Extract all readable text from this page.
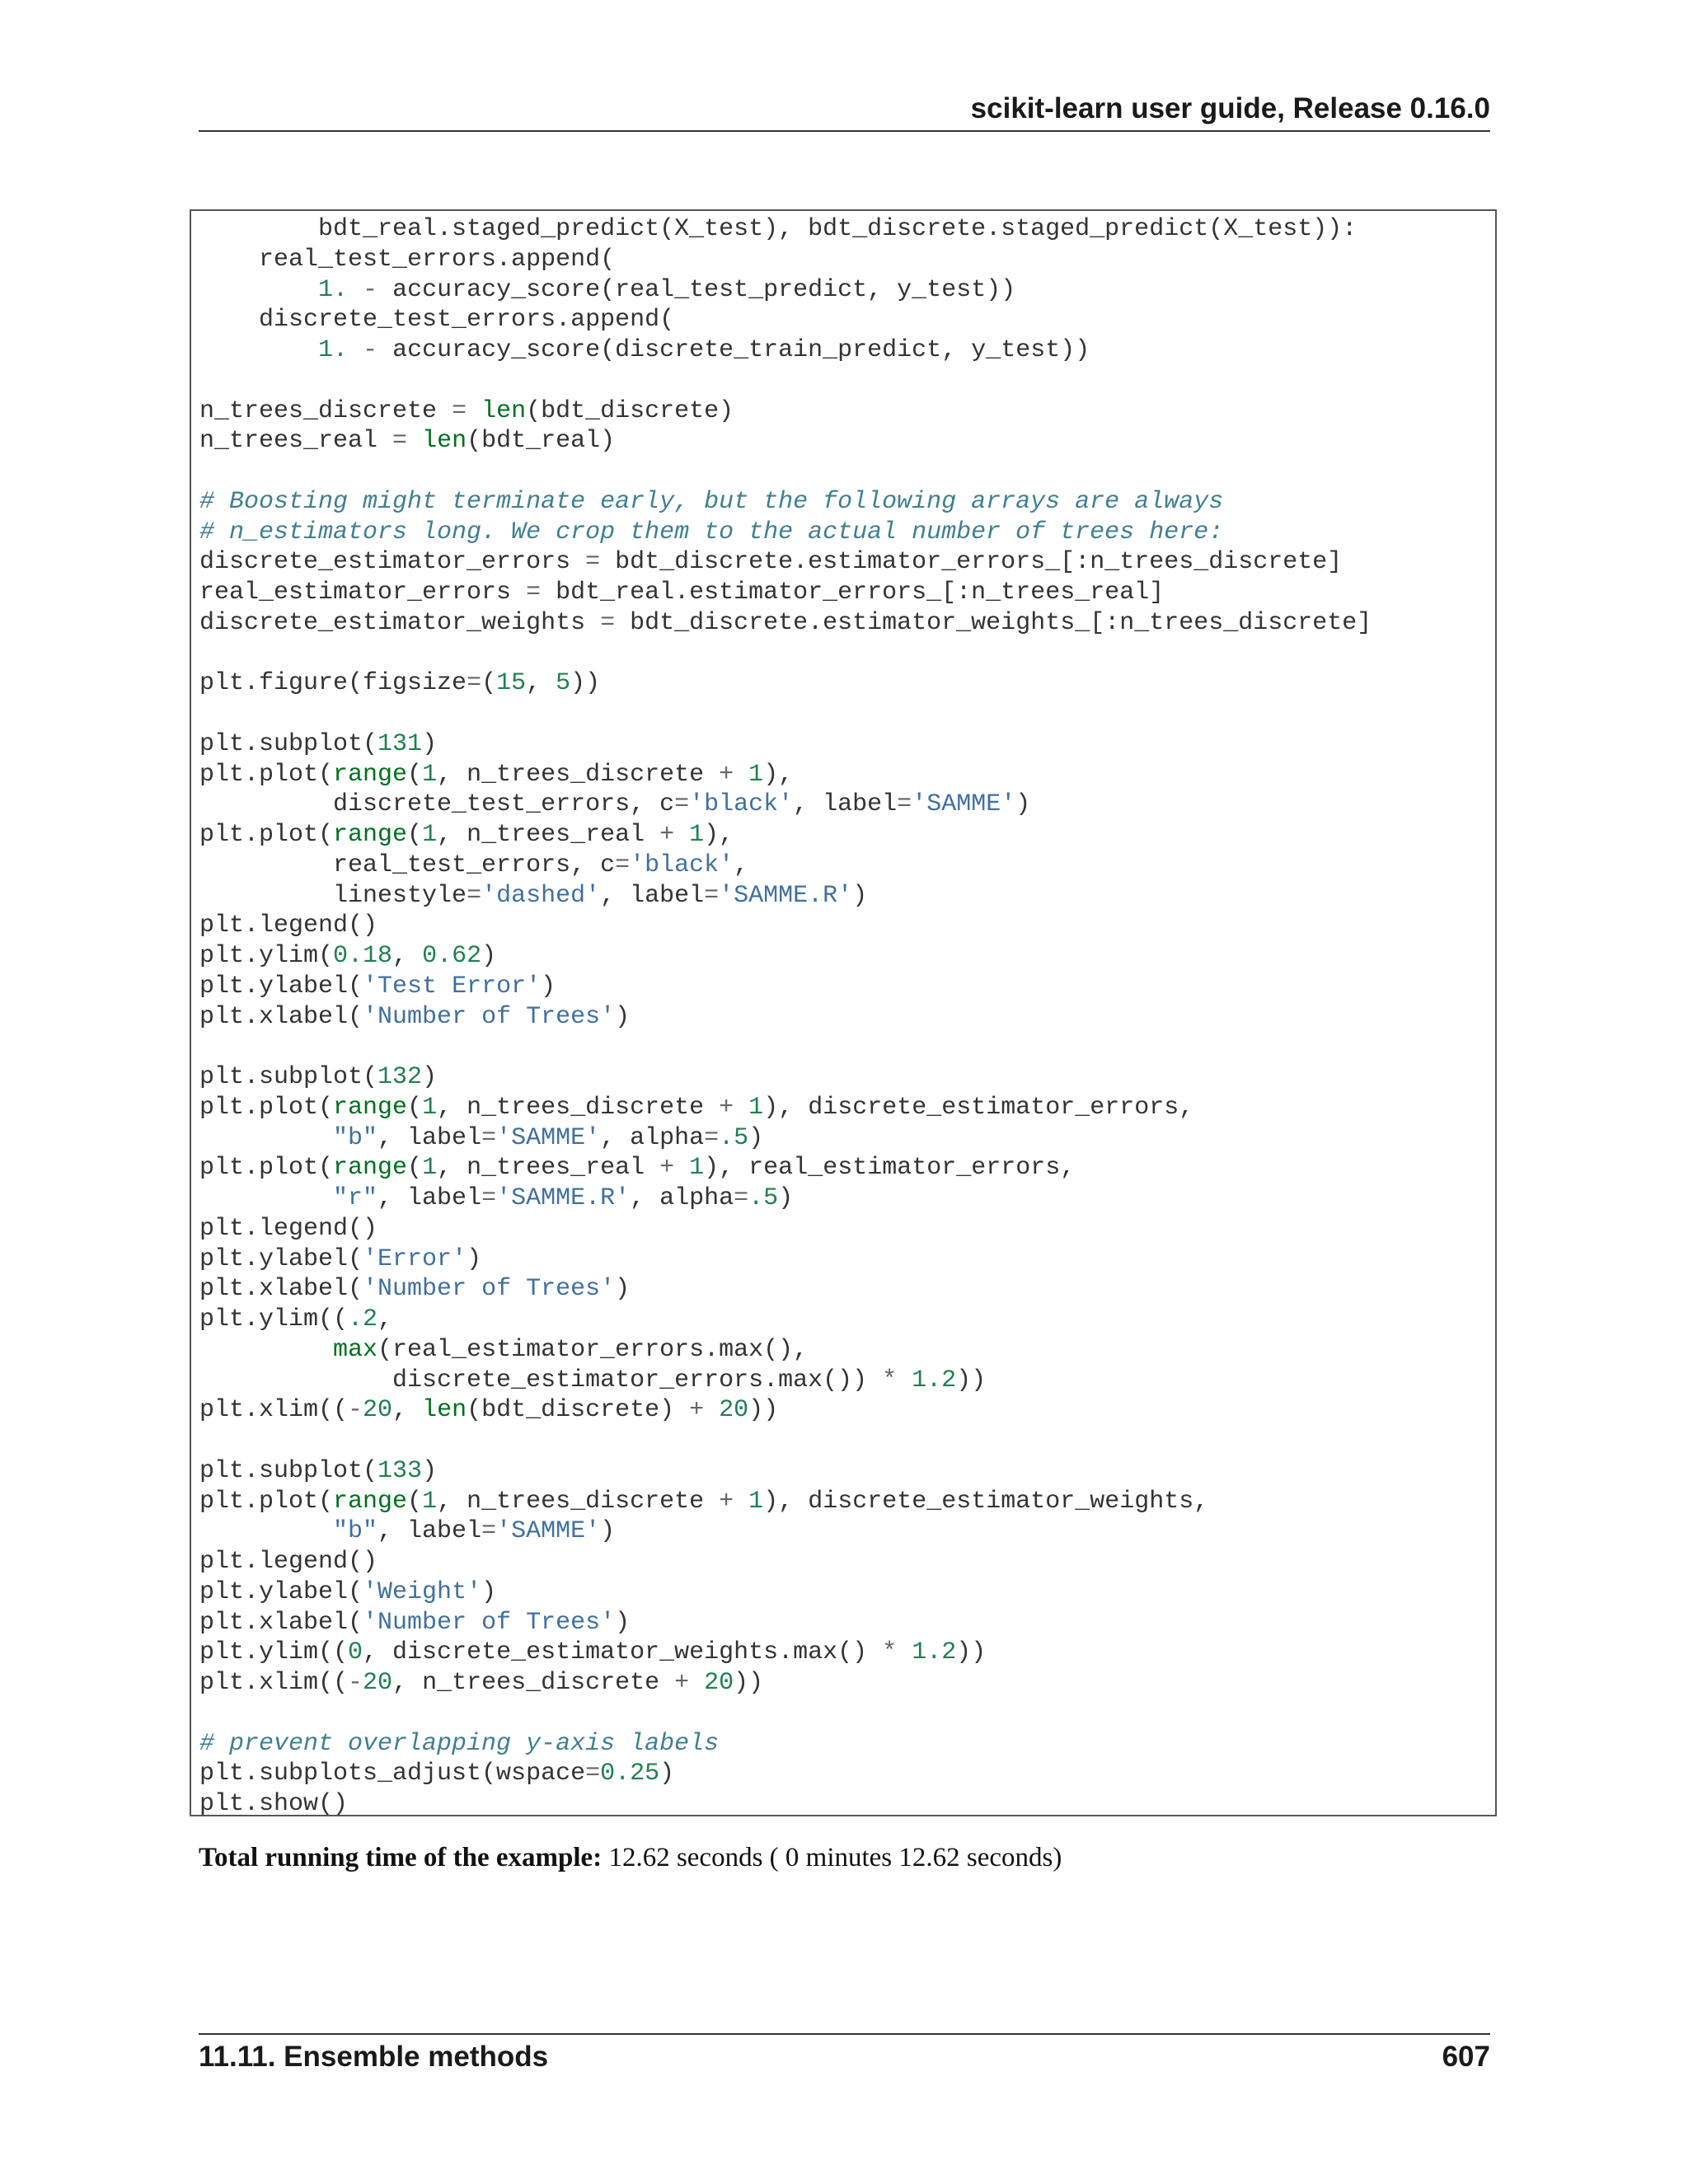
scikit-learn user guide, Release 0.16.0
bdt_real.staged_predict(X_test), bdt_discrete.staged_predict(X_test)):
real_test_errors.append(
1. - accuracy_score(real_test_predict, y_test))
discrete_test_errors.append(
1. - accuracy_score(discrete_train_predict, y_test))
n_trees_discrete = len(bdt_discrete)
n_trees_real = len(bdt_real)
# Boosting might terminate early, but the following arrays are always
# n_estimators long. We crop them to the actual number of trees here:
discrete_estimator_errors = bdt_discrete.estimator_errors_[:n_trees_discrete]
real_estimator_errors = bdt_real.estimator_errors_[:n_trees_real]
discrete_estimator_weights = bdt_discrete.estimator_weights_[:n_trees_discrete]
plt.figure(figsize=(15, 5))
plt.subplot(131)
plt.plot(range(1, n_trees_discrete + 1),
discrete_test_errors, c='black', label='SAMME')
plt.plot(range(1, n_trees_real + 1),
real_test_errors, c='black',
linestyle='dashed', label='SAMME.R')
plt.legend()
plt.ylim(0.18, 0.62)
plt.ylabel('Test Error')
plt.xlabel('Number of Trees')
plt.subplot(132)
plt.plot(range(1, n_trees_discrete + 1), discrete_estimator_errors,
"b", label='SAMME', alpha=.5)
plt.plot(range(1, n_trees_real + 1), real_estimator_errors,
"r", label='SAMME.R', alpha=.5)
plt.legend()
plt.ylabel('Error')
plt.xlabel('Number of Trees')
plt.ylim((.2,
max(real_estimator_errors.max(),
discrete_estimator_errors.max()) * 1.2))
plt.xlim((-20, len(bdt_discrete) + 20))
plt.subplot(133)
plt.plot(range(1, n_trees_discrete + 1), discrete_estimator_weights,
"b", label='SAMME')
plt.legend()
plt.ylabel('Weight')
plt.xlabel('Number of Trees')
plt.ylim((0, discrete_estimator_weights.max() * 1.2))
plt.xlim((-20, n_trees_discrete + 20))
# prevent overlapping y-axis labels
plt.subplots_adjust(wspace=0.25)
plt.show()
Total running time of the example: 12.62 seconds ( 0 minutes 12.62 seconds)
11.11. Ensemble methods	607
